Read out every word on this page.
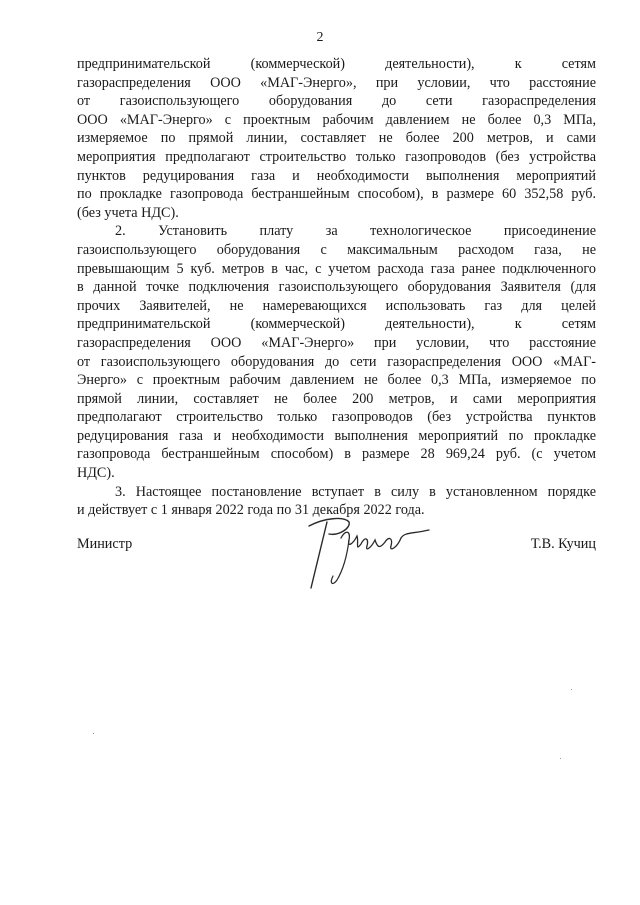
2
предпринимательской (коммерческой) деятельности), к сетям
газораспределения ООО «МАГ-Энерго», при условии, что расстояние
от газоиспользующего оборудования до сети газораспределения
ООО «МАГ-Энерго» с проектным рабочим давлением не более 0,3 МПа,
измеряемое по прямой линии, составляет не более 200 метров, и сами
мероприятия предполагают строительство только газопроводов (без устройства
пунктов редуцирования газа и необходимости выполнения мероприятий
по прокладке газопровода бестраншейным способом), в размере 60 352,58 руб.
(без учета НДС).
2. Установить плату за технологическое присоединение
газоиспользующего оборудования с максимальным расходом газа, не
превышающим 5 куб. метров в час, с учетом расхода газа ранее подключенного
в данной точке подключения газоиспользующего оборудования Заявителя (для
прочих Заявителей, не намеревающихся использовать газ для целей
предпринимательской (коммерческой) деятельности), к сетям
газораспределения ООО «МАГ-Энерго» при условии, что расстояние
от газоиспользующего оборудования до сети газораспределения ООО «МАГ-
Энерго» с проектным рабочим давлением не более 0,3 МПа, измеряемое по
прямой линии, составляет не более 200 метров, и сами мероприятия
предполагают строительство только газопроводов (без устройства пунктов
редуцирования газа и необходимости выполнения мероприятий по прокладке
газопровода бестраншейным способом) в размере 28 969,24 руб. (с учетом
НДС).
3. Настоящее постановление вступает в силу в установленном порядке
и действует с 1 января 2022 года по 31 декабря 2022 года.
Министр	Т.В. Кучиц
